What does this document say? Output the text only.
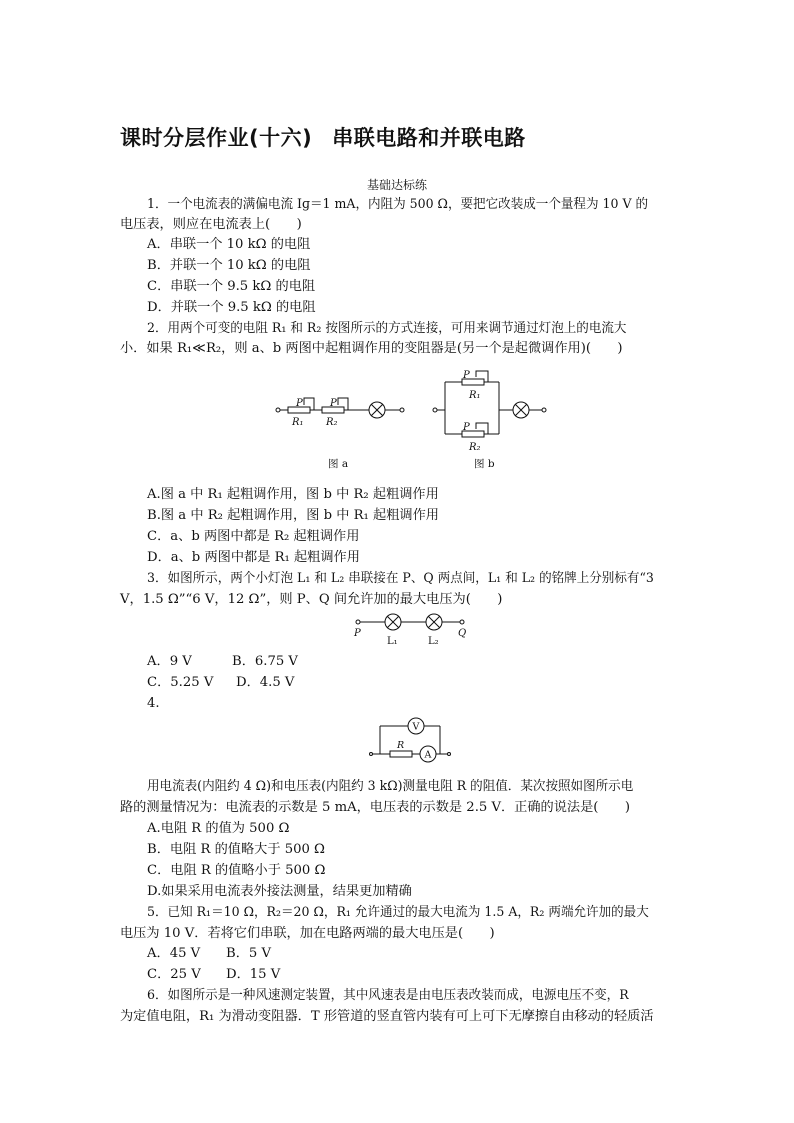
课时分层作业(十六) 串联电路和并联电路
基础达标练
1．一个电流表的满偏电流 Iɡ＝1 mA，内阻为 500 Ω，要把它改装成一个量程为 10 V 的
电压表，则应在电流表上(　　)
A．串联一个 10 kΩ 的电阻
B．并联一个 10 kΩ 的电阻
C．串联一个 9.5 kΩ 的电阻
D．并联一个 9.5 kΩ 的电阻
2．用两个可变的电阻 R₁ 和 R₂ 按图所示的方式连接，可用来调节通过灯泡上的电流大
小．如果 R₁≪R₂，则 a、b 两图中起粗调作用的变阻器是(另一个是起微调作用)(　　)
P	P
R₁ R₂
P
R₁
P
R₂
图 a	图 b
A.图 a 中 R₁ 起粗调作用，图 b 中 R₂ 起粗调作用
B.图 a 中 R₂ 起粗调作用，图 b 中 R₁ 起粗调作用
C．a、b 两图中都是 R₂ 起粗调作用
D．a、b 两图中都是 R₁ 起粗调作用
3．如图所示，两个小灯泡 L₁ 和 L₂ 串联接在 P、Q 两点间，L₁ 和 L₂ 的铭牌上分别标有“3
V，1.5 Ω”“6 V，12 Ω”，则 P、Q 间允许加的最大电压为(　　)
P	Q
L₁	L₂
A．9 V	B．6.75 V
C．5.25 V D．4.5 V
4.
V
A
R
用电流表(内阻约 4 Ω)和电压表(内阻约 3 kΩ)测量电阻 R 的阻值．某次按照如图所示电
路的测量情况为：电流表的示数是 5 mA，电压表的示数是 2.5 V．正确的说法是(　　)
A.电阻 R 的值为 500 Ω
B．电阻 R 的值略大于 500 Ω
C．电阻 R 的值略小于 500 Ω
D.如果采用电流表外接法测量，结果更加精确
5．已知 R₁＝10 Ω，R₂＝20 Ω，R₁ 允许通过的最大电流为 1.5 A，R₂ 两端允许加的最大
电压为 10 V．若将它们串联，加在电路两端的最大电压是(　　)
A．45 V B．5 V
C．25 V D．15 V
6．如图所示是一种风速测定装置，其中风速表是由电压表改装而成，电源电压不变，R
为定值电阻，R₁ 为滑动变阻器．T 形管道的竖直管内装有可上可下无摩擦自由移动的轻质活
